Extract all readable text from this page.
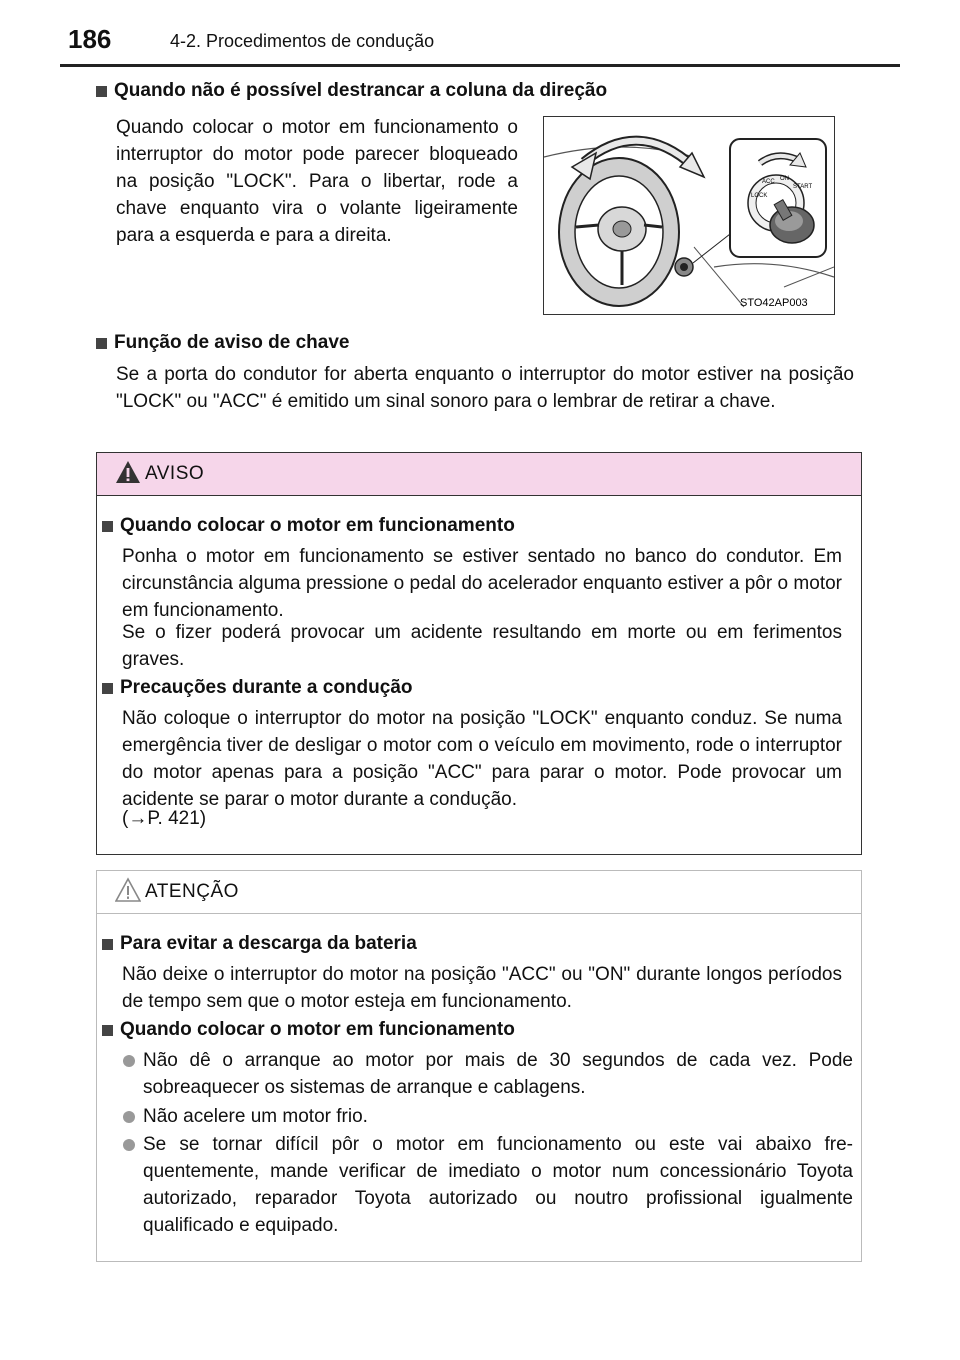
186	4-2. Procedimentos de condução
Quando não é possível destrancar a coluna da direção
Quando colocar o motor em funcionamento o interruptor do motor pode parecer bloqueado na posição "LOCK". Para o libertar, rode a chave enquanto vira o volante ligeiramente para a esquerda e para a direita.
LOCK
ACC ON
START
STO42AP003
Função de aviso de chave
Se a porta do condutor for aberta enquanto o interruptor do motor estiver na posição "LOCK" ou "ACC" é emitido um sinal sonoro para o lembrar de retirar a chave.
AVISO
Quando colocar o motor em funcionamento
Ponha o motor em funcionamento se estiver sentado no banco do condutor. Em circunstância alguma pressione o pedal do acelerador enquanto estiver a pôr o motor em funcionamento.
Se o fizer poderá provocar um acidente resultando em morte ou em ferimentos graves.
Precauções durante a condução
Não coloque o interruptor do motor na posição "LOCK" enquanto conduz. Se numa emergência tiver de desligar o motor com o veículo em movimento, rode o interruptor do motor apenas para a posição "ACC" para parar o motor. Pode provocar um acidente se parar o motor durante a condução.
(→P. 421)
ATENÇÃO
Para evitar a descarga da bateria
Não deixe o interruptor do motor na posição "ACC" ou "ON" durante longos períodos de tempo sem que o motor esteja em funcionamento.
Quando colocar o motor em funcionamento
Não dê o arranque ao motor por mais de 30 segundos de cada vez. Pode sobreaquecer os sistemas de arranque e cablagens.
Não acelere um motor frio.
Se se tornar difícil pôr o motor em funcionamento ou este vai abaixo frequentemente, mande verificar de imediato o motor num concessionário Toyota autorizado, reparador Toyota autorizado ou noutro profissional igualmente qualificado e equipado.
